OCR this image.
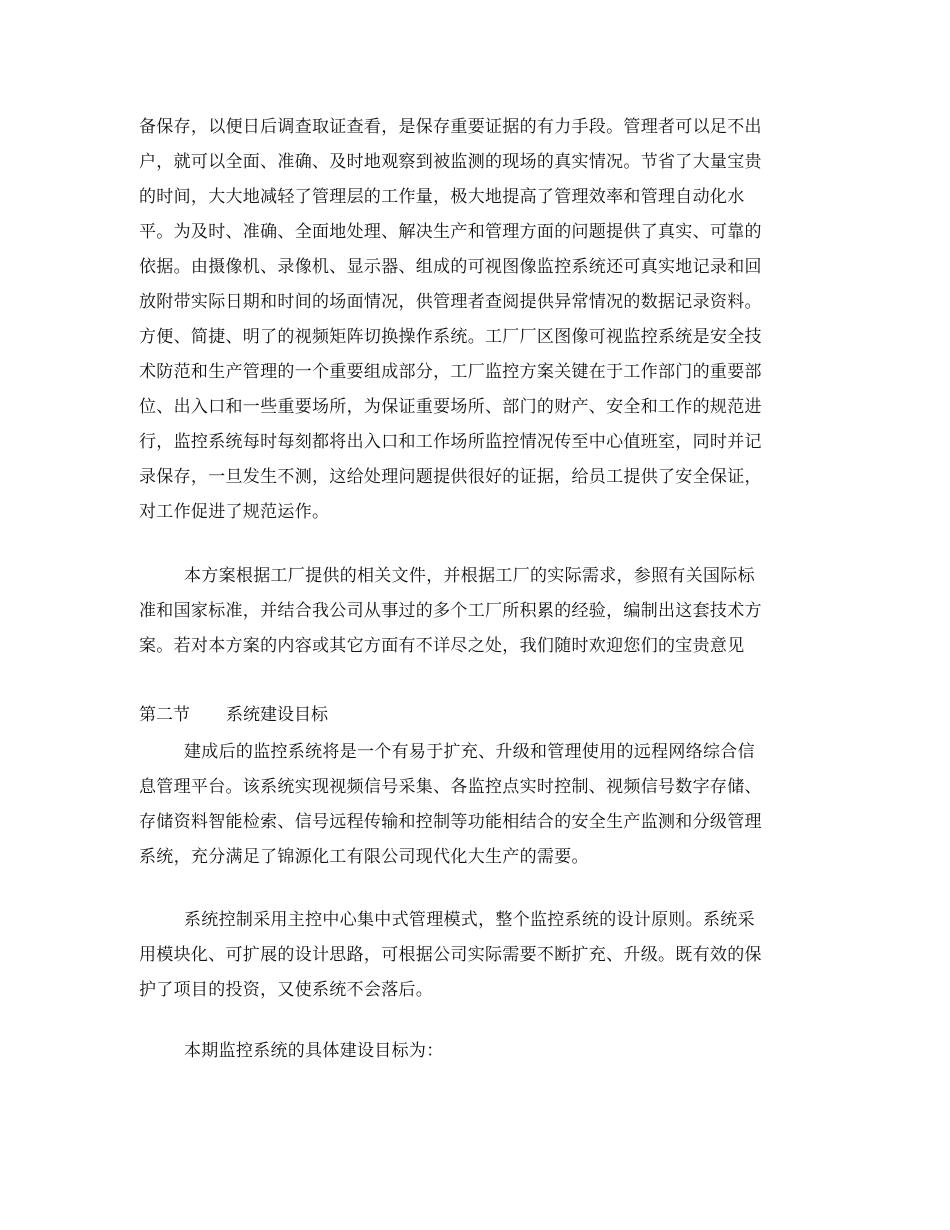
备保存，以便日后调查取证查看，是保存重要证据的有力手段。管理者可以足不出
户，就可以全面、准确、及时地观察到被监测的现场的真实情况。节省了大量宝贵
的时间，大大地减轻了管理层的工作量，极大地提高了管理效率和管理自动化水
平。为及时、准确、全面地处理、解决生产和管理方面的问题提供了真实、可靠的
依据。由摄像机、录像机、显示器、组成的可视图像监控系统还可真实地记录和回
放附带实际日期和时间的场面情况，供管理者查阅提供异常情况的数据记录资料。
方便、简捷、明了的视频矩阵切换操作系统。工厂厂区图像可视监控系统是安全技
术防范和生产管理的一个重要组成部分，工厂监控方案关键在于工作部门的重要部
位、出入口和一些重要场所，为保证重要场所、部门的财产、安全和工作的规范进
行，监控系统每时每刻都将出入口和工作场所监控情况传至中心值班室，同时并记
录保存，一旦发生不测，这给处理问题提供很好的证据，给员工提供了安全保证，
对工作促进了规范运作。
本方案根据工厂提供的相关文件，并根据工厂的实际需求，参照有关国际标
准和国家标准，并结合我公司从事过的多个工厂所积累的经验，编制出这套技术方
案。若对本方案的内容或其它方面有不详尽之处，我们随时欢迎您们的宝贵意见
第二节 系统建设目标
建成后的监控系统将是一个有易于扩充、升级和管理使用的远程网络综合信
息管理平台。该系统实现视频信号采集、各监控点实时控制、视频信号数字存储、
存储资料智能检索、信号远程传输和控制等功能相结合的安全生产监测和分级管理
系统，充分满足了锦源化工有限公司现代化大生产的需要。
系统控制采用主控中心集中式管理模式，整个监控系统的设计原则。系统采
用模块化、可扩展的设计思路，可根据公司实际需要不断扩充、升级。既有效的保
护了项目的投资，又使系统不会落后。
本期监控系统的具体建设目标为：
